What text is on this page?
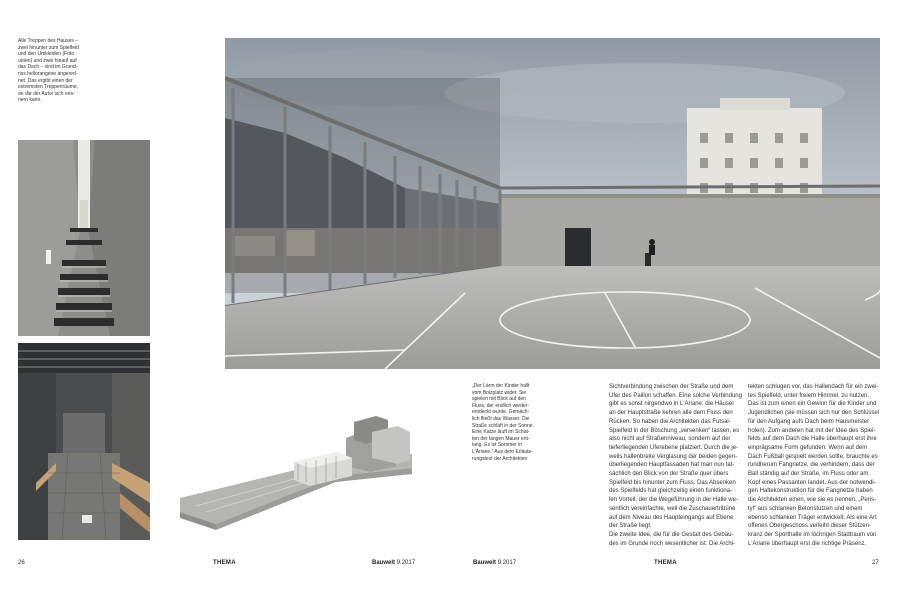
Alle Treppen des Hauses –
zwei hinunter zum Spielfeld
und den Umkleiden (Foto
unten) und zwei hinauf auf
das Dach – sind im Grund-
riss hellorangene angeord-
net. Das ergibt einen der
extremsten Treppenräume,
an die der Autor sich erin-
nern kann.
„Der Lärm der Kinder hallt
vom Bolzplatz wider. Sie
spielen mit Blick auf den
Fluss, der endlich wieder-
entdeckt wurde. Gemäch-
lich fließt das Wasser. Die
Straße schläft in der Sonne.
Eine Katze läuft im Schat-
ten der langen Mauer ent-
lang. Es ist Sommer in
L'Ariane.“ Aus dem Erläute-
rungstext der Architekten
Sichtverbindung zwischen der Straße und dem
Ufer des Paillon schaffen. Eine solche Verbindung
gibt es sonst nirgendwo in L'Ariane; die Häuser
an der Hauptstraße kehren alle dem Fluss den
Rücken. So haben die Architekten das Futsal-
Spielfeld in der Böschung „versenken“ lassen, es
also nicht auf Straßenniveau, sondern auf der
tieferliegenden Uferebene platziert. Durch die je-
weils hallenbreite Verglasung der beiden gegen-
überliegenden Hauptfassaden hat man nun tat-
sächlich den Blick von der Straße quer übers
Spielfeld bis hinunter zum Fluss. Das Absenken
des Spielfelds hat gleichzeitig einen funktiona-
len Vorteil, der die Wegeführung in der Halle we-
sentlich vereinfachte, weil die Zuschauertribüne
auf dem Niveau des Haupteingangs auf Ebene
der Straße liegt.
Die zweite Idee, die für die Gestalt des Gebäu-
des im Grunde noch wesentlicher ist: Die Archi-
tekten schlugen vor, das Hallendach für ein zwei-
tes Spielfeld, unter freiem Himmel, zu nutzen.
Das ist zum einen ein Gewinn für die Kinder und
Jugendlichen (sie müssen sich nur den Schlüssel
für den Aufgang aufs Dach beim Hausmeister
holen). Zum anderen hat mit der Idee des Spiel-
felds auf dem Dach die Halle überhaupt erst ihre
einprägsame Form gefunden: Wenn auf dem
Dach Fußball gespielt werden sollte, brauchte es
rundherum Fangnetze, die verhindern, dass der
Ball ständig auf der Straße, im Fluss oder am
Kopf eines Passanten landet. Aus der notwendi-
gen Haltekonstruktion für die Fangnetze haben
die Architekten einen, wie sie es nennen, „Peris-
tyl“ aus schlanken Betonstützen und einem
ebenso schlanken Träger entwickelt. Als eine Art
offenes Obergeschoss verleiht dieser Stützen-
kranz der Sporthalle im löchrigen Stadtraum von
L'Ariane überhaupt erst die richtige Präsenz.
26	THEMA	Bauwelt 9.2017	Bauwelt 9.2017	THEMA	27
